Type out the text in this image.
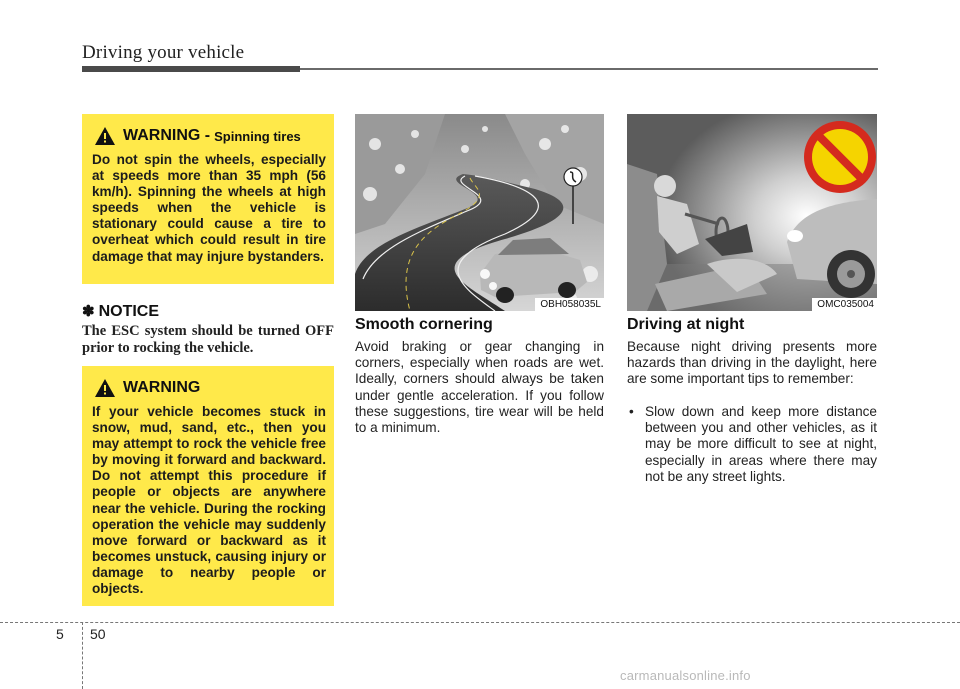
Driving your vehicle
WARNING - Spinning tires
Do not spin the wheels, especially at speeds more than 35 mph (56 km/h). Spinning the wheels at high speeds when the vehicle is stationary could cause a tire to overheat which could result in tire damage that may injure bystanders.
✽ NOTICE
The ESC system should be turned OFF prior to rocking the vehicle.
WARNING
If your vehicle becomes stuck in snow, mud, sand, etc., then you may attempt to rock the vehicle free by moving it forward and backward. Do not attempt this procedure if people or objects are anywhere near the vehicle. During the rocking operation the vehicle may suddenly move forward or backward as it becomes unstuck, causing injury or damage to nearby people or objects.
OBH058035L	OMC035004
Smooth cornering
Avoid braking or gear changing in corners, especially when roads are wet. Ideally, corners should always be taken under gentle acceleration. If you follow these suggestions, tire wear will be held to a minimum.
Driving at night
Because night driving presents more hazards than driving in the daylight, here are some important tips to remember:
• Slow down and keep more distance between you and other vehicles, as it may be more difficult to see at night, especially in areas where there may not be any street lights.
5 50
carmanualsonline.info
